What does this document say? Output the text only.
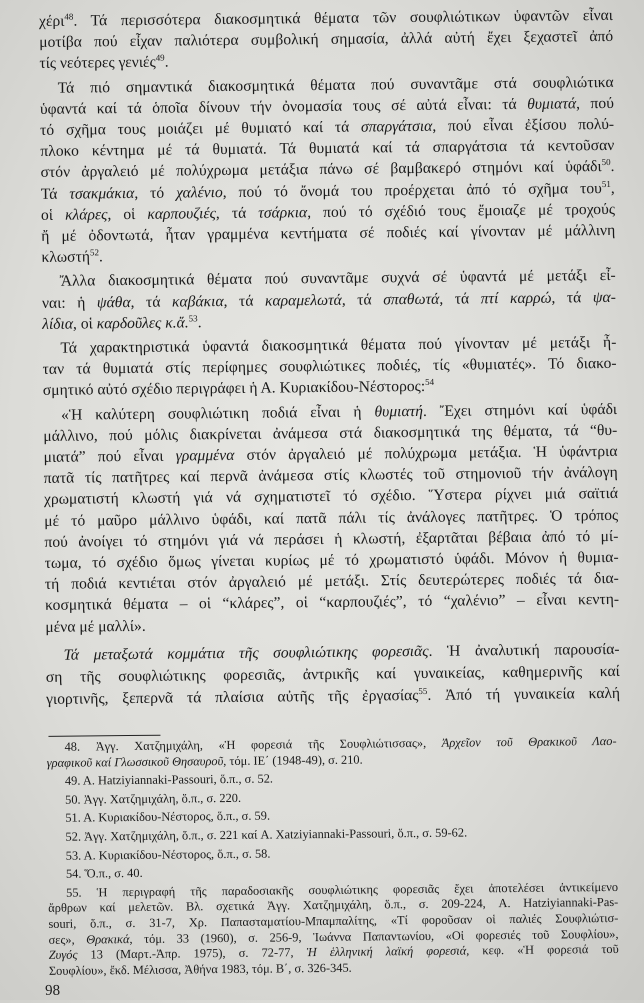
χέρι$^{48}$. Τά περισσότερα διακοσμητικά θέματα τῶν σουφλιώτικων ὑφαντῶν εἶναι
μοτίβα πού εἶχαν παλιότερα συμβολική σημασία, ἀλλά αὐτή ἔχει ξεχαστεῖ ἀπό
τίς νεότερες γενιές$^{49}$.
Τά πιό σημαντικά διακοσμητικά θέματα πού συναντᾶμε στά σουφλιώτικα
ὑφαντά καί τά ὁποῖα δίνουν τήν ὀνομασία τους σέ αὐτά εἶναι: τά θυμιατά, πού
τό σχῆμα τους μοιάζει μέ θυμιατό καί τά σπαργάτσια, πού εἶναι ἐξίσου πολύ-
πλοκο κέντημα μέ τά θυμιατά. Τά θυμιατά καί τά σπαργάτσια τά κεντοῦσαν
στόν ἀργαλειό μέ πολύχρωμα μετάξια πάνω σέ βαμβακερό στημόνι καί ὑφάδι$^{50}$.
Τά τσακμάκια, τό χαλένιο, πού τό ὄνομά του προέρχεται ἀπό τό σχῆμα του$^{51}$,
οἱ κλάρες, οἱ καρπουζιές, τά τσάρκια, πού τό σχέδιό τους ἔμοιαζε μέ τροχούς
ἤ μέ ὀδοντωτά, ἦταν γραμμένα κεντήματα σέ ποδιές καί γίνονταν μέ μάλλινη
κλωστή$^{52}$.
Ἄλλα διακοσμητικά θέματα πού συναντᾶμε συχνά σέ ὑφαντά μέ μετάξι εἶ-
ναι: ἡ ψάθα, τά καβάκια, τά καραμελωτά, τά σπαθωτά, τά πτί καρρώ, τά ψα-
λίδια, οἱ καρδοῦλες κ.ἄ.$^{53}$.
Τά χαρακτηριστικά ὑφαντά διακοσμητικά θέματα πού γίνονταν μέ μετάξι ἦ-
ταν τά θυμιατά στίς περίφημες σουφλιώτικες ποδιές, τίς «θυμιατές». Τό διακο-
σμητικό αὐτό σχέδιο περιγράφει ἡ Α. Κυριακίδου-Νέστορος:$^{54}$
«Ἡ καλύτερη σουφλιώτικη ποδιά εἶναι ἡ θυμιατή. Ἔχει στημόνι καί ὑφάδι
μάλλινο, πού μόλις διακρίνεται ἀνάμεσα στά διακοσμητικά της θέματα, τά “θυ-
μιατά” πού εἶναι γραμμένα στόν ἀργαλειό μέ πολύχρωμα μετάξια. Ἡ ὑφάντρια
πατᾶ τίς πατῆτρες καί περνᾶ ἀνάμεσα στίς κλωστές τοῦ στημονιοῦ τήν ἀνάλογη
χρωματιστή κλωστή γιά νά σχηματιστεῖ τό σχέδιο. Ὕστερα ρίχνει μιά σαϊτιά
μέ τό μαῦρο μάλλινο ὑφάδι, καί πατᾶ πάλι τίς ἀνάλογες πατῆτρες. Ὁ τρόπος
πού ἀνοίγει τό στημόνι γιά νά περάσει ἡ κλωστή, ἐξαρτᾶται βέβαια ἀπό τό μί-
τωμα, τό σχέδιο ὅμως γίνεται κυρίως μέ τό χρωματιστό ὑφάδι. Μόνον ἡ θυμια-
τή ποδιά κεντιέται στόν ἀργαλειό μέ μετάξι. Στίς δευτερώτερες ποδιές τά δια-
κοσμητικά θέματα – οἱ “κλάρες”, οἱ “καρπουζιές”, τό “χαλένιο” – εἶναι κεντη-
μένα μέ μαλλί».
Τά μεταξωτά κομμάτια τῆς σουφλιώτικης φορεσιᾶς. Ἡ ἀναλυτική παρουσία-
ση τῆς σουφλιώτικης φορεσιᾶς, ἀντρικῆς καί γυναικείας, καθημερινῆς καί
γιορτινῆς, ξεπερνᾶ τά πλαίσια αὐτῆς τῆς ἐργασίας$^{55}$. Ἀπό τή γυναικεία καλή
48. Ἀγγ. Χατζημιχάλη, «Ἡ φορεσιά τῆς Σουφλιώτισσας», Ἀρχεῖον τοῦ Θρακικοῦ Λαο-
γραφικοῦ καί Γλωσσικοῦ Θησαυροῦ, τόμ. ΙΕ΄ (1948-49), σ. 210.
49. A. Hatziyiannaki-Passouri, ὅ.π., σ. 52.
50. Ἀγγ. Χατζημιχάλη, ὅ.π., σ. 220.
51. Α. Κυριακίδου-Νέστορος, ὅ.π., σ. 59.
52. Ἀγγ. Χατζημιχάλη, ὅ.π., σ. 221 καί A. Xatziyiannaki-Passouri, ὅ.π., σ. 59-62.
53. Α. Κυριακίδου-Νέστορος, ὅ.π., σ. 58.
54. Ὅ.π., σ. 40.
55. Ἡ περιγραφή τῆς παραδοσιακῆς σουφλιώτικης φορεσιᾶς ἔχει ἀποτελέσει ἀντικείμενο
ἄρθρων καί μελετῶν. Βλ. σχετικά Ἀγγ. Χατζημιχάλη, ὅ.π., σ. 209-224, A. Hatziyiannaki-Pas-
souri, ὅ.π., σ. 31-7, Χρ. Παπασταματίου-Μπαμπαλίτης, «Τί φοροῦσαν οἱ παλιές Σουφλιώτισ-
σες», Θρακικά, τόμ. 33 (1960), σ. 256-9, Ἰωάννα Παπαντωνίου, «Οἱ φορεσιές τοῦ Σουφλίου»,
Ζυγός 13 (Μαρτ.-Ἀπρ. 1975), σ. 72-77, Ἡ ἑλληνική λαϊκή φορεσιά, κεφ. «Ἡ φορεσιά τοῦ
Σουφλίου», ἔκδ. Μέλισσα, Ἀθήνα 1983, τόμ. Β΄, σ. 326-345.
98
